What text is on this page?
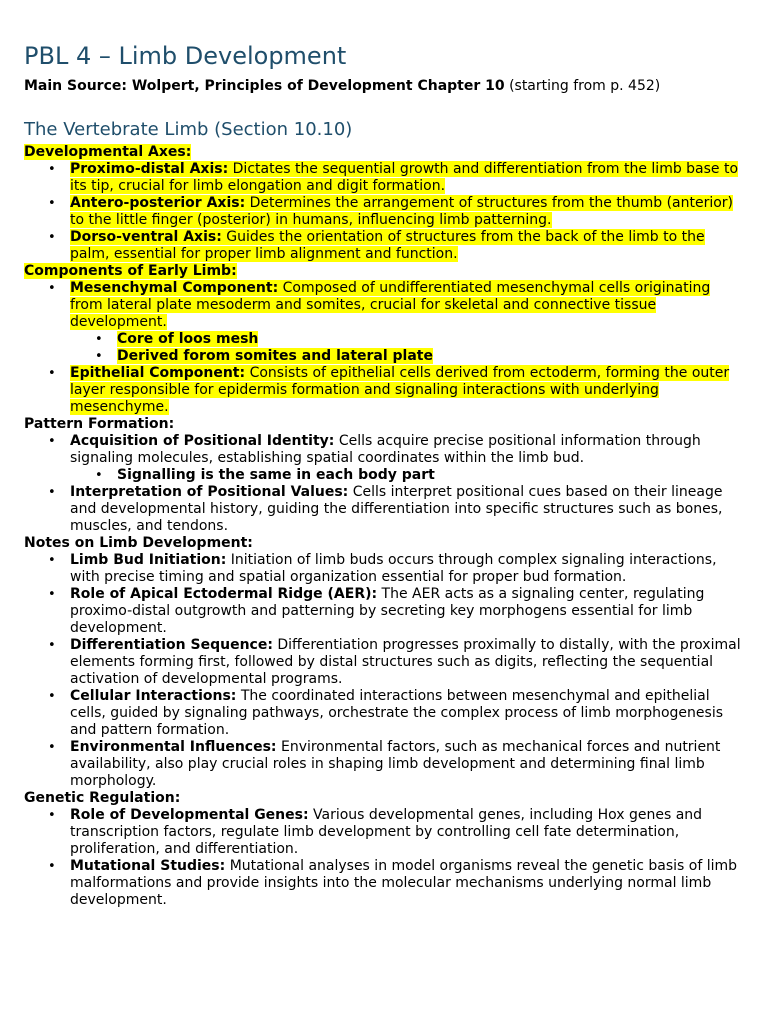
PBL 4 – Limb Development

Main Source: Wolpert, Principles of Development Chapter 10 (starting from p. 452)

The Vertebrate Limb (Section 10.10)

Developmental Axes:

• Proximo-distal Axis: Dictates the sequential growth and differentiation from the limb base to its tip, crucial for limb elongation and digit formation.
• Antero-posterior Axis: Determines the arrangement of structures from the thumb (anterior) to the little finger (posterior) in humans, influencing limb patterning.
• Dorso-ventral Axis: Guides the orientation of structures from the back of the limb to the palm, essential for proper limb alignment and function.

Components of Early Limb:

• Mesenchymal Component: Composed of undifferentiated mesenchymal cells originating from lateral plate mesoderm and somites, crucial for skeletal and connective tissue development.
• Core of loos mesh
• Derived forom somites and lateral plate
• Epithelial Component: Consists of epithelial cells derived from ectoderm, forming the outer layer responsible for epidermis formation and signaling interactions with underlying mesenchyme.

Pattern Formation:

• Acquisition of Positional Identity: Cells acquire precise positional information through signaling molecules, establishing spatial coordinates within the limb bud.
• Signalling is the same in each body part
• Interpretation of Positional Values: Cells interpret positional cues based on their lineage and developmental history, guiding the differentiation into specific structures such as bones, muscles, and tendons.

Notes on Limb Development:

• Limb Bud Initiation: Initiation of limb buds occurs through complex signaling interactions, with precise timing and spatial organization essential for proper bud formation.
• Role of Apical Ectodermal Ridge (AER): The AER acts as a signaling center, regulating proximo-distal outgrowth and patterning by secreting key morphogens essential for limb development.
• Differentiation Sequence: Differentiation progresses proximally to distally, with the proximal elements forming first, followed by distal structures such as digits, reflecting the sequential activation of developmental programs.
• Cellular Interactions: The coordinated interactions between mesenchymal and epithelial cells, guided by signaling pathways, orchestrate the complex process of limb morphogenesis and pattern formation.
• Environmental Influences: Environmental factors, such as mechanical forces and nutrient availability, also play crucial roles in shaping limb development and determining final limb morphology.

Genetic Regulation:

• Role of Developmental Genes: Various developmental genes, including Hox genes and transcription factors, regulate limb development by controlling cell fate determination, proliferation, and differentiation.
• Mutational Studies: Mutational analyses in model organisms reveal the genetic basis of limb malformations and provide insights into the molecular mechanisms underlying normal limb development.
